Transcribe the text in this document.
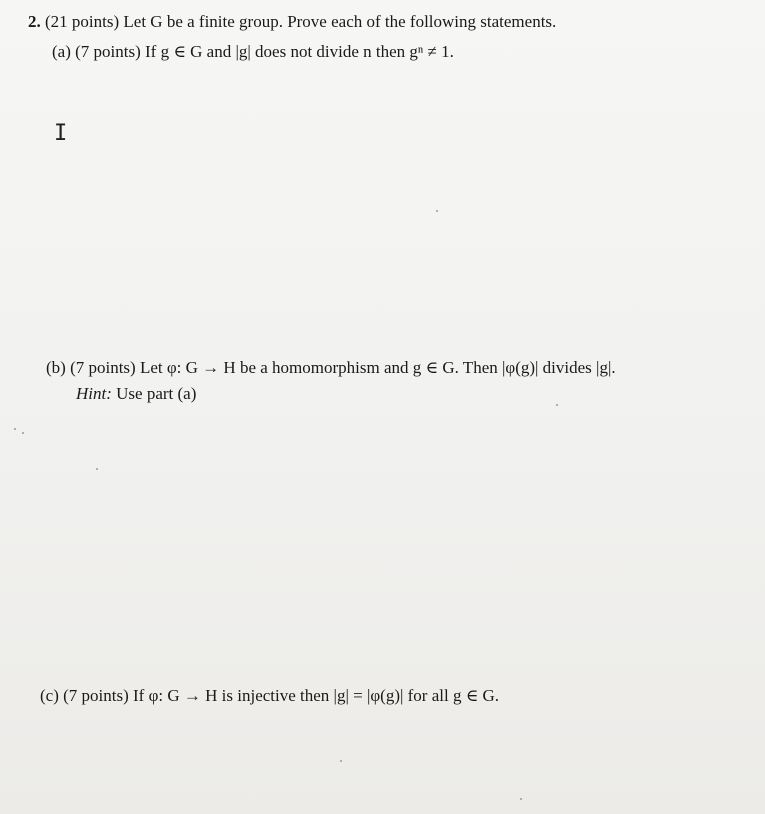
2. (21 points) Let G be a finite group. Prove each of the following statements.
(a) (7 points) If g ∈ G and |g| does not divide n then gⁿ ≠ 1.
I
(b) (7 points) Let φ: G → H be a homomorphism and g ∈ G. Then |φ(g)| divides |g|.
Hint: Use part (a)
(c) (7 points) If φ: G → H is injective then |g| = |φ(g)| for all g ∈ G.
